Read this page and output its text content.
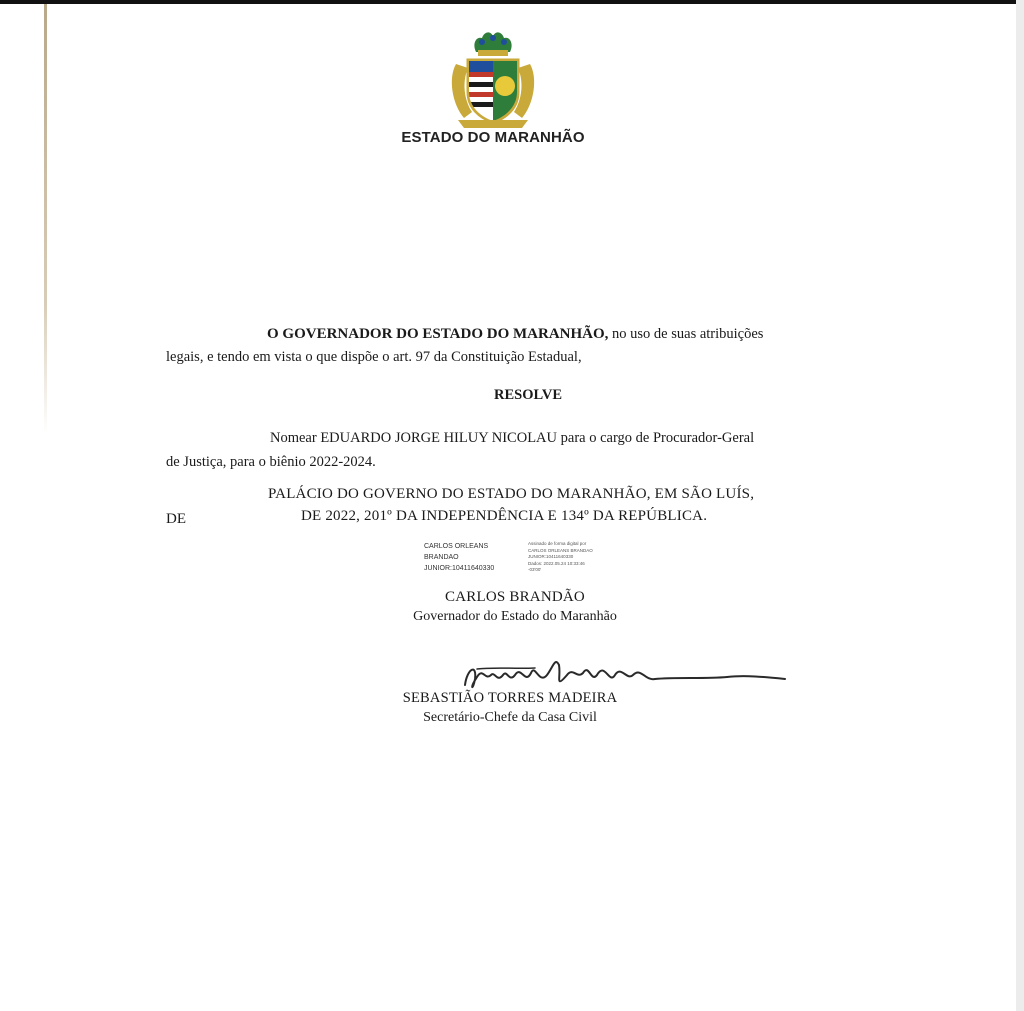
ESTADO DO MARANHÃO
O GOVERNADOR DO ESTADO DO MARANHÃO, no uso de suas atribuições
legais, e tendo em vista o que dispõe o art. 97 da Constituição Estadual,
RESOLVE
Nomear EDUARDO JORGE HILUY NICOLAU para o cargo de Procurador-Geral
de Justiça, para o biênio 2022-2024.
PALÁCIO DO GOVERNO DO ESTADO DO MARANHÃO, EM SÃO LUÍS,
DE	DE 2022, 201º DA INDEPENDÊNCIA E 134º DA REPÚBLICA.
CARLOS ORLEANS
BRANDAO
JUNIOR:10411640330
Assinado de forma digital por
CARLOS ORLEANS BRANDAO
JUNIOR:10411640330
Dados: 2022.05.24 10:33:46
-03'00'
CARLOS BRANDÃO
Governador do Estado do Maranhão
SEBASTIÃO TORRES MADEIRA
Secretário-Chefe da Casa Civil
